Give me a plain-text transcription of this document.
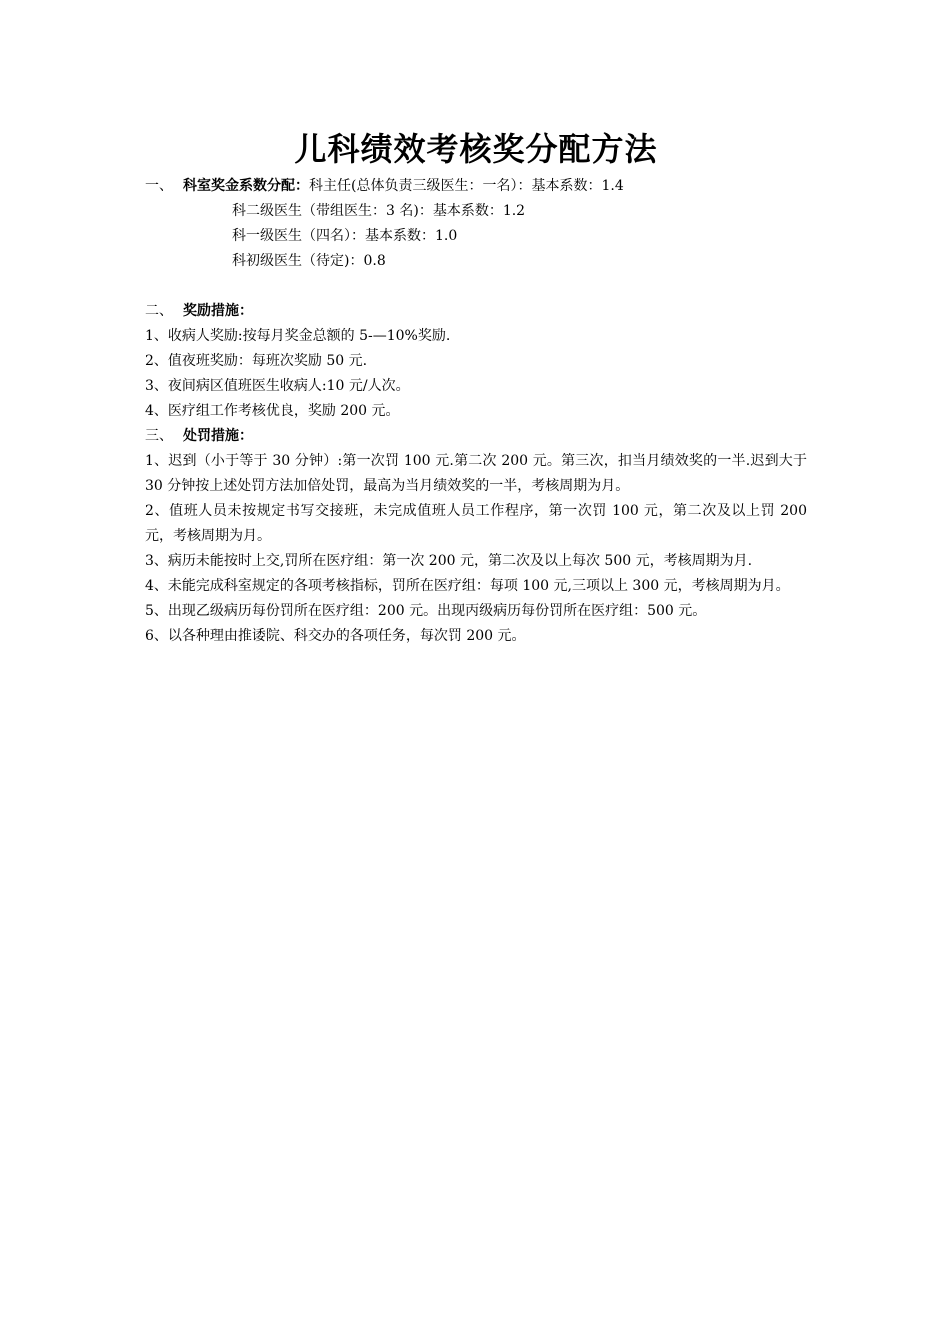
儿科绩效考核奖分配方法
一、 科室奖金系数分配：科主任(总体负责三级医生：一名）：基本系数：1.4
科二级医生（带组医生：3 名)：基本系数：1.2
科一级医生（四名）：基本系数：1.0
科初级医生（待定)：0.8
二、 奖励措施：
1、收病人奖励:按每月奖金总额的 5-—10%奖励.
2、值夜班奖励：每班次奖励 50 元.
3、夜间病区值班医生收病人:10 元/人次。
4、医疗组工作考核优良，奖励 200 元。
三、 处罚措施：
1、迟到（小于等于 30 分钟）:第一次罚 100 元.第二次 200 元。第三次，扣当月绩效奖的一半.迟到大于 30 分钟按上述处罚方法加倍处罚，最高为当月绩效奖的一半，考核周期为月。
2、值班人员未按规定书写交接班，未完成值班人员工作程序，第一次罚 100 元，第二次及以上罚 200 元，考核周期为月。
3、病历未能按时上交,罚所在医疗组：第一次 200 元，第二次及以上每次 500 元，考核周期为月.
4、未能完成科室规定的各项考核指标，罚所在医疗组：每项 100 元,三项以上 300 元，考核周期为月。
5、出现乙级病历每份罚所在医疗组：200 元。出现丙级病历每份罚所在医疗组：500 元。
6、以各种理由推诿院、科交办的各项任务，每次罚 200 元。
